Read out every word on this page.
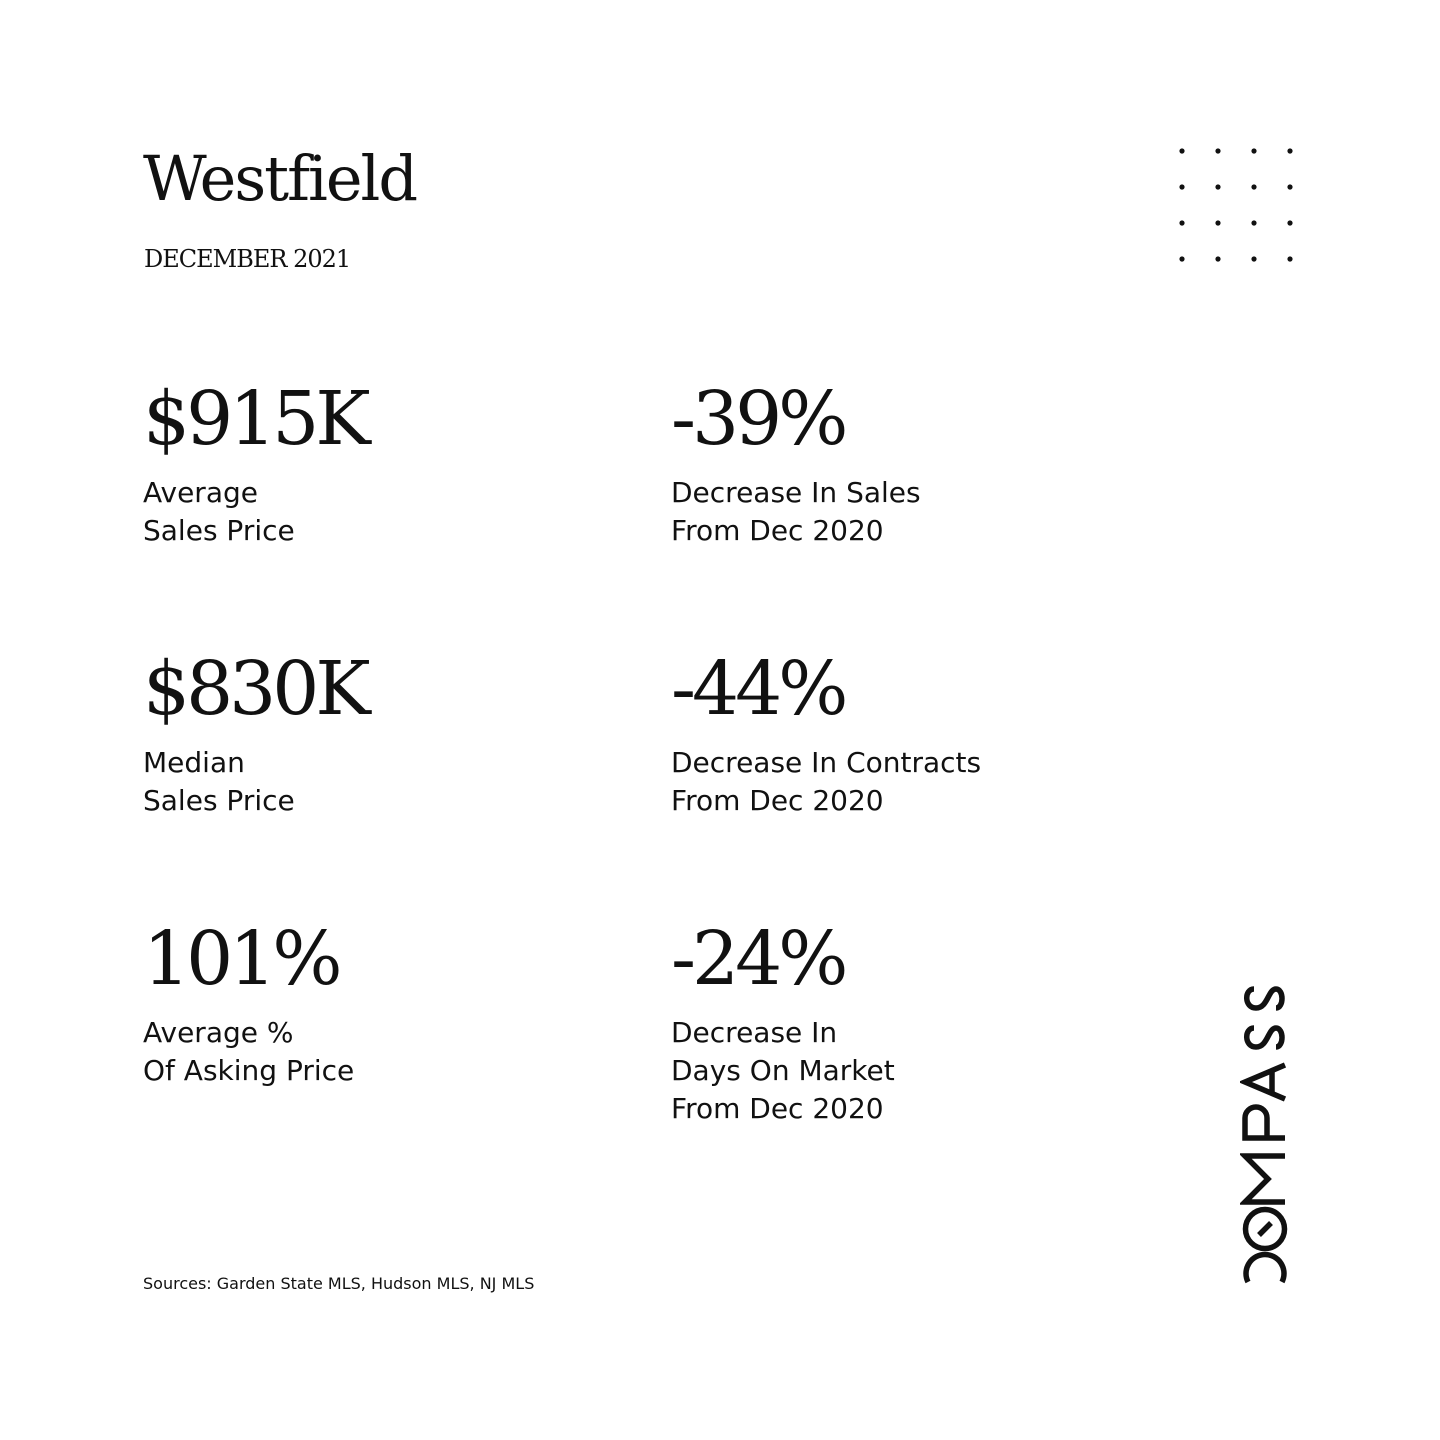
Westfield
DECEMBER 2021
$915K
Average
Sales Price
-39%
Decrease In Sales
From Dec 2020
$830K
Median
Sales Price
-44%
Decrease In Contracts
From Dec 2020
101%
Average %
Of Asking Price
-24%
Decrease In
Days On Market
From Dec 2020
Sources: Garden State MLS, Hudson MLS, NJ MLS
